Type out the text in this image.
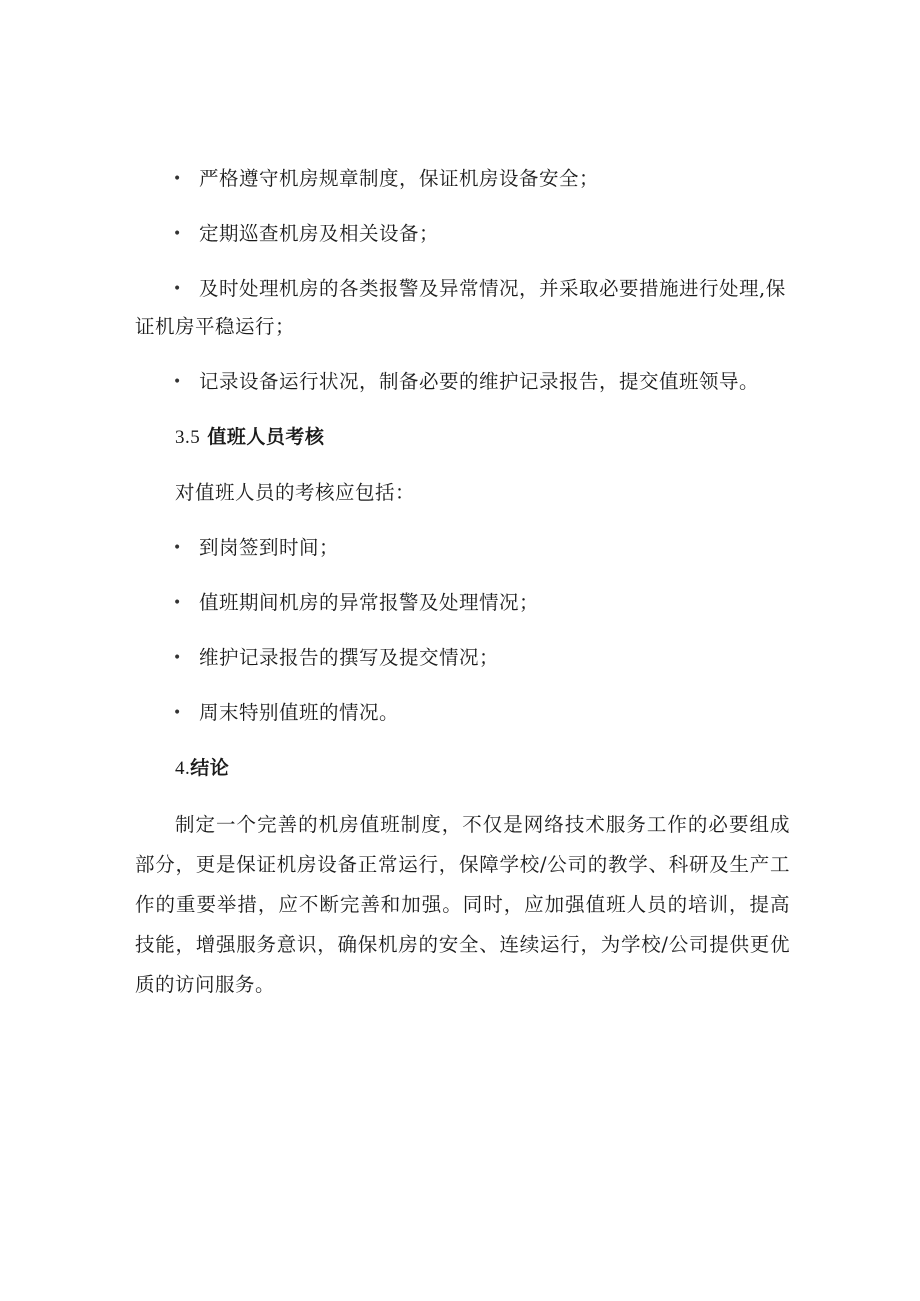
• 严格遵守机房规章制度，保证机房设备安全；
• 定期巡查机房及相关设备；
• 及时处理机房的各类报警及异常情况，并采取必要措施进行处理,保证机房平稳运行；
• 记录设备运行状况，制备必要的维护记录报告，提交值班领导。
3.5 值班人员考核
对值班人员的考核应包括：
• 到岗签到时间；
• 值班期间机房的异常报警及处理情况；
• 维护记录报告的撰写及提交情况；
• 周末特别值班的情况。
4.结论
制定一个完善的机房值班制度，不仅是网络技术服务工作的必要组成部分，更是保证机房设备正常运行，保障学校/公司的教学、科研及生产工作的重要举措，应不断完善和加强。同时，应加强值班人员的培训，提高技能，增强服务意识，确保机房的安全、连续运行，为学校/公司提供更优质的访问服务。
